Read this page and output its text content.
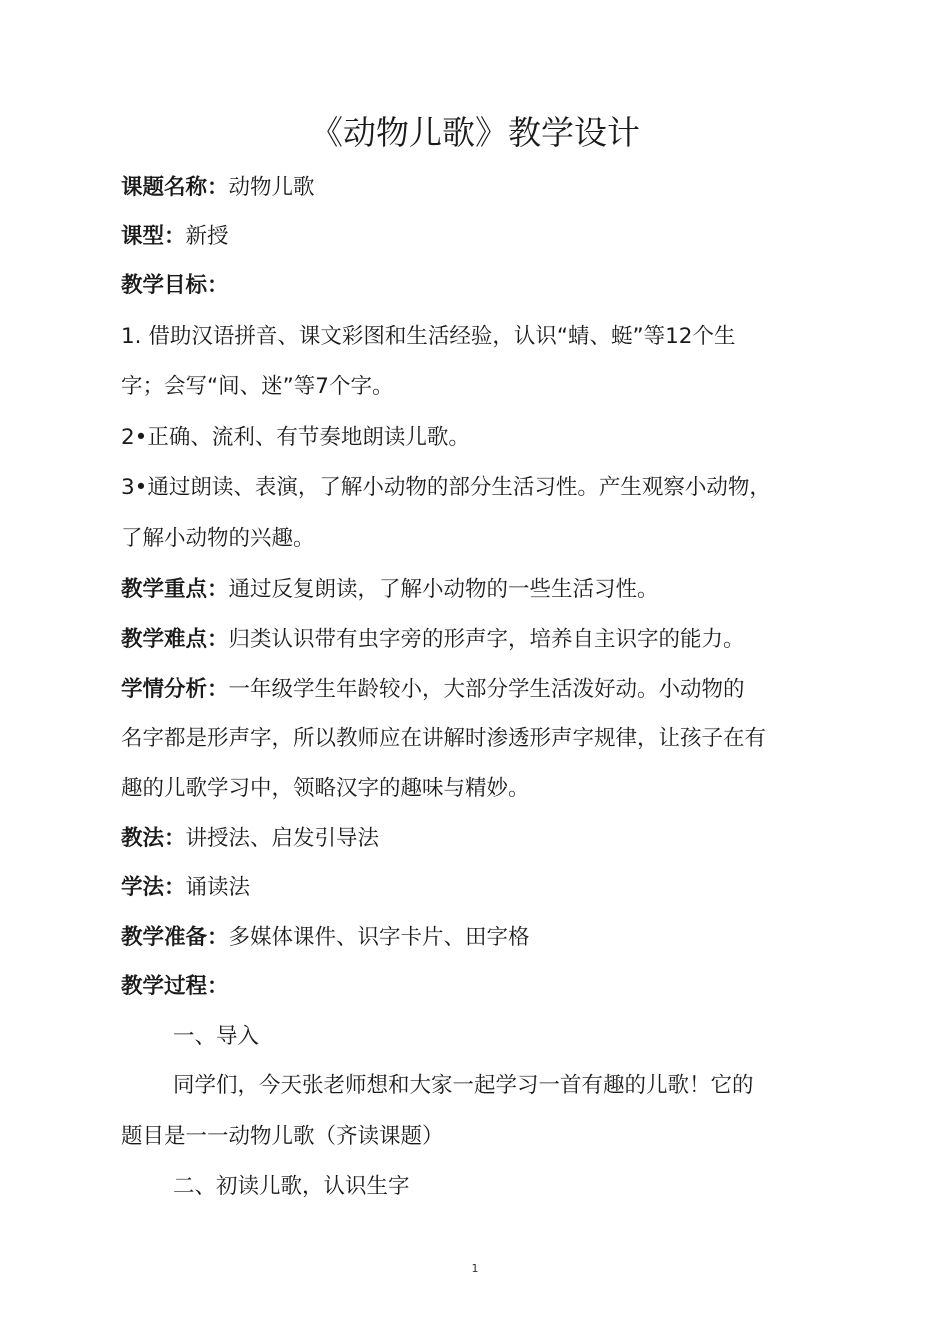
《动物儿歌》教学设计
课题名称：动物儿歌
课型：新授
教学目标：
1. 借助汉语拼音、课文彩图和生活经验，认识“蜻、蜓”等12个生
字；会写“间、迷”等7个字。
2•正确、流利、有节奏地朗读儿歌。
3•通过朗读、表演，了解小动物的部分生活习性。产生观察小动物，
了解小动物的兴趣。
教学重点：通过反复朗读，了解小动物的一些生活习性。
教学难点：归类认识带有虫字旁的形声字，培养自主识字的能力。
学情分析：一年级学生年龄较小，大部分学生活泼好动。小动物的
名字都是形声字，所以教师应在讲解时渗透形声字规律，让孩子在有
趣的儿歌学习中，领略汉字的趣味与精妙。
教法：讲授法、启发引导法
学法：诵读法
教学准备：多媒体课件、识字卡片、田字格
教学过程：
一、导入
同学们，今天张老师想和大家一起学习一首有趣的儿歌！它的
题目是一一动物儿歌（齐读课题）
二、初读儿歌，认识生字
1
